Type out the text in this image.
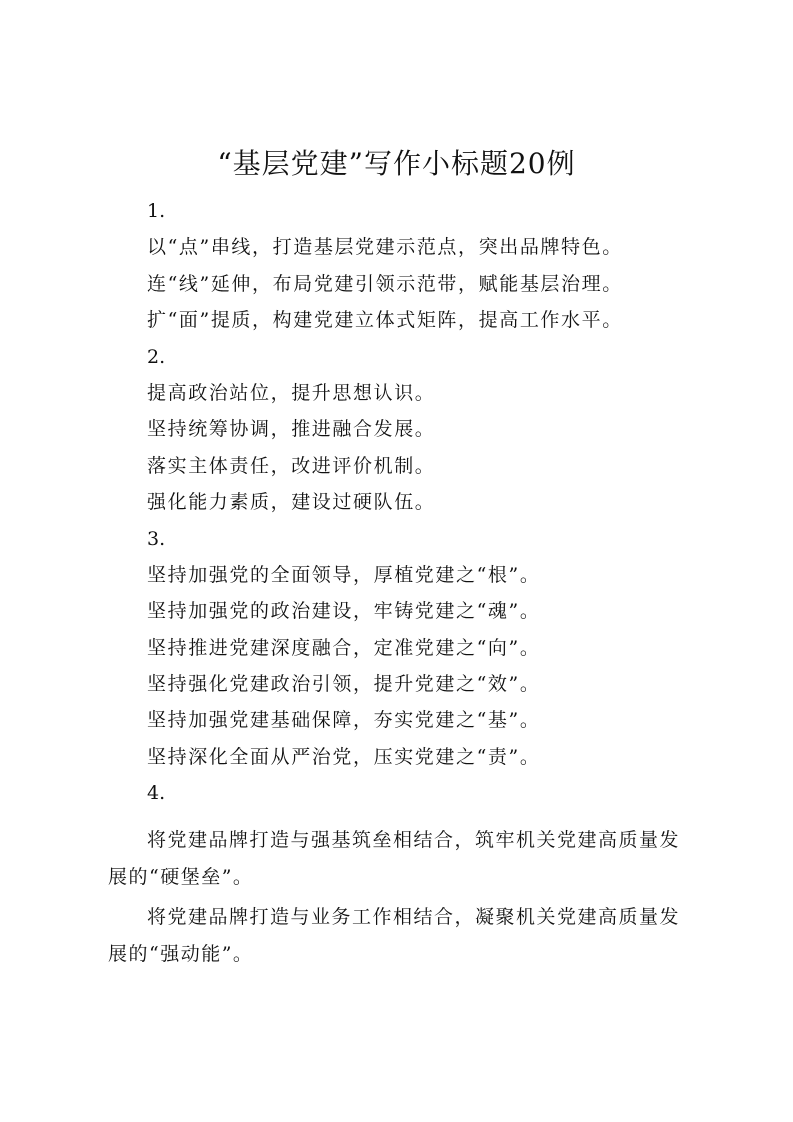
“基层党建”写作小标题20例
1.
以“点”串线，打造基层党建示范点，突出品牌特色。
连“线”延伸，布局党建引领示范带，赋能基层治理。
扩“面”提质，构建党建立体式矩阵，提高工作水平。
2.
提高政治站位，提升思想认识。
坚持统筹协调，推进融合发展。
落实主体责任，改进评价机制。
强化能力素质，建设过硬队伍。
3.
坚持加强党的全面领导，厚植党建之“根”。
坚持加强党的政治建设，牢铸党建之“魂”。
坚持推进党建深度融合，定准党建之“向”。
坚持强化党建政治引领，提升党建之“效”。
坚持加强党建基础保障，夯实党建之“基”。
坚持深化全面从严治党，压实党建之“责”。
4.
将党建品牌打造与强基筑垒相结合，筑牢机关党建高质量发
展的“硬堡垒”。
将党建品牌打造与业务工作相结合，凝聚机关党建高质量发
展的“强动能”。
